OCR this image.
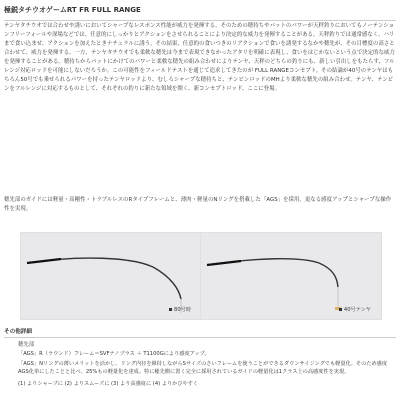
極鋭タチウオゲームRT FR FULL RANGE
テンヤタチウオでは合わせや誘いにおいてシャープなレスポンス性能が威力を発揮する。そのための穂持ちやバットのパワーが天秤釣りにおいてもノーテンションフリーフォールや深場などでは、任意的にしっかりとアクションをさせられることにより決定的な威力を発揮することがある。天秤釣りでは通常感なく、ハリまで食い込ませ、アクションを加えたときナチュラルに誘う。その結果、任意的の食いつきのリアクションで食いを誘発するなかや穂先が、その目標度の高さと合わせて、威力を発揮する。一方、テンヤタチウオでも柔軟な穂先は今まで表現できなかったアタリを明確に表現し、食いをはじかないという点で決定的な威力を発揮することがある。穂持ちからバットにかけてのパワーと柔軟な穂先の組み合わせによりテンヤ、天秤のどちらの釣りにも、新しい引出しをもたらす、フルレンジ対応ロッドを可能にしないだろうか。この可能性をフィールドテストを通じて追求してきたのが FULL RANGEコンセプト。その結論が40号のテンヤはもちろん50号でも乗せられるパワーを持ったテンヤロッドより、むしろシャープな穂持ちと、テンビンロッドのMHより柔軟な穂先の組み合わせ。テンヤ、テンビンをフルレンジに対応するものとして、それぞれの釣りに新たな領域を開く、新コンセプトロッド、ここに登場。
穂先部のガイドには軽量・高剛性・トラブルレスのRタイプフレームと、薄肉・軽量のNリングを搭載した「AGS」を採用。更なる感度アップとシャープな操作性を実現。
80号時	40号テンヤ
その他詳細
穂先部
「AGS」R（ラウンド）フレーム＝SVFナノプラス ＋ T1100Gにより感度アップ。
「AGS」Nリングの薄いメリットを活かし、リング内径を維持しながらSサイズのさいフレームを使うことができるダウンサイジングでも軽量化。そのため感度AGS化単にしたことと比べ、25%もの軽量化を達成。特に穂先側に置く完全に採用されているガイドの軽量化は1クラス上の高感度性を実現。
(1) よりシャープに (2) よりスムーズに (3) より高感度に (4) よりかびやすく
